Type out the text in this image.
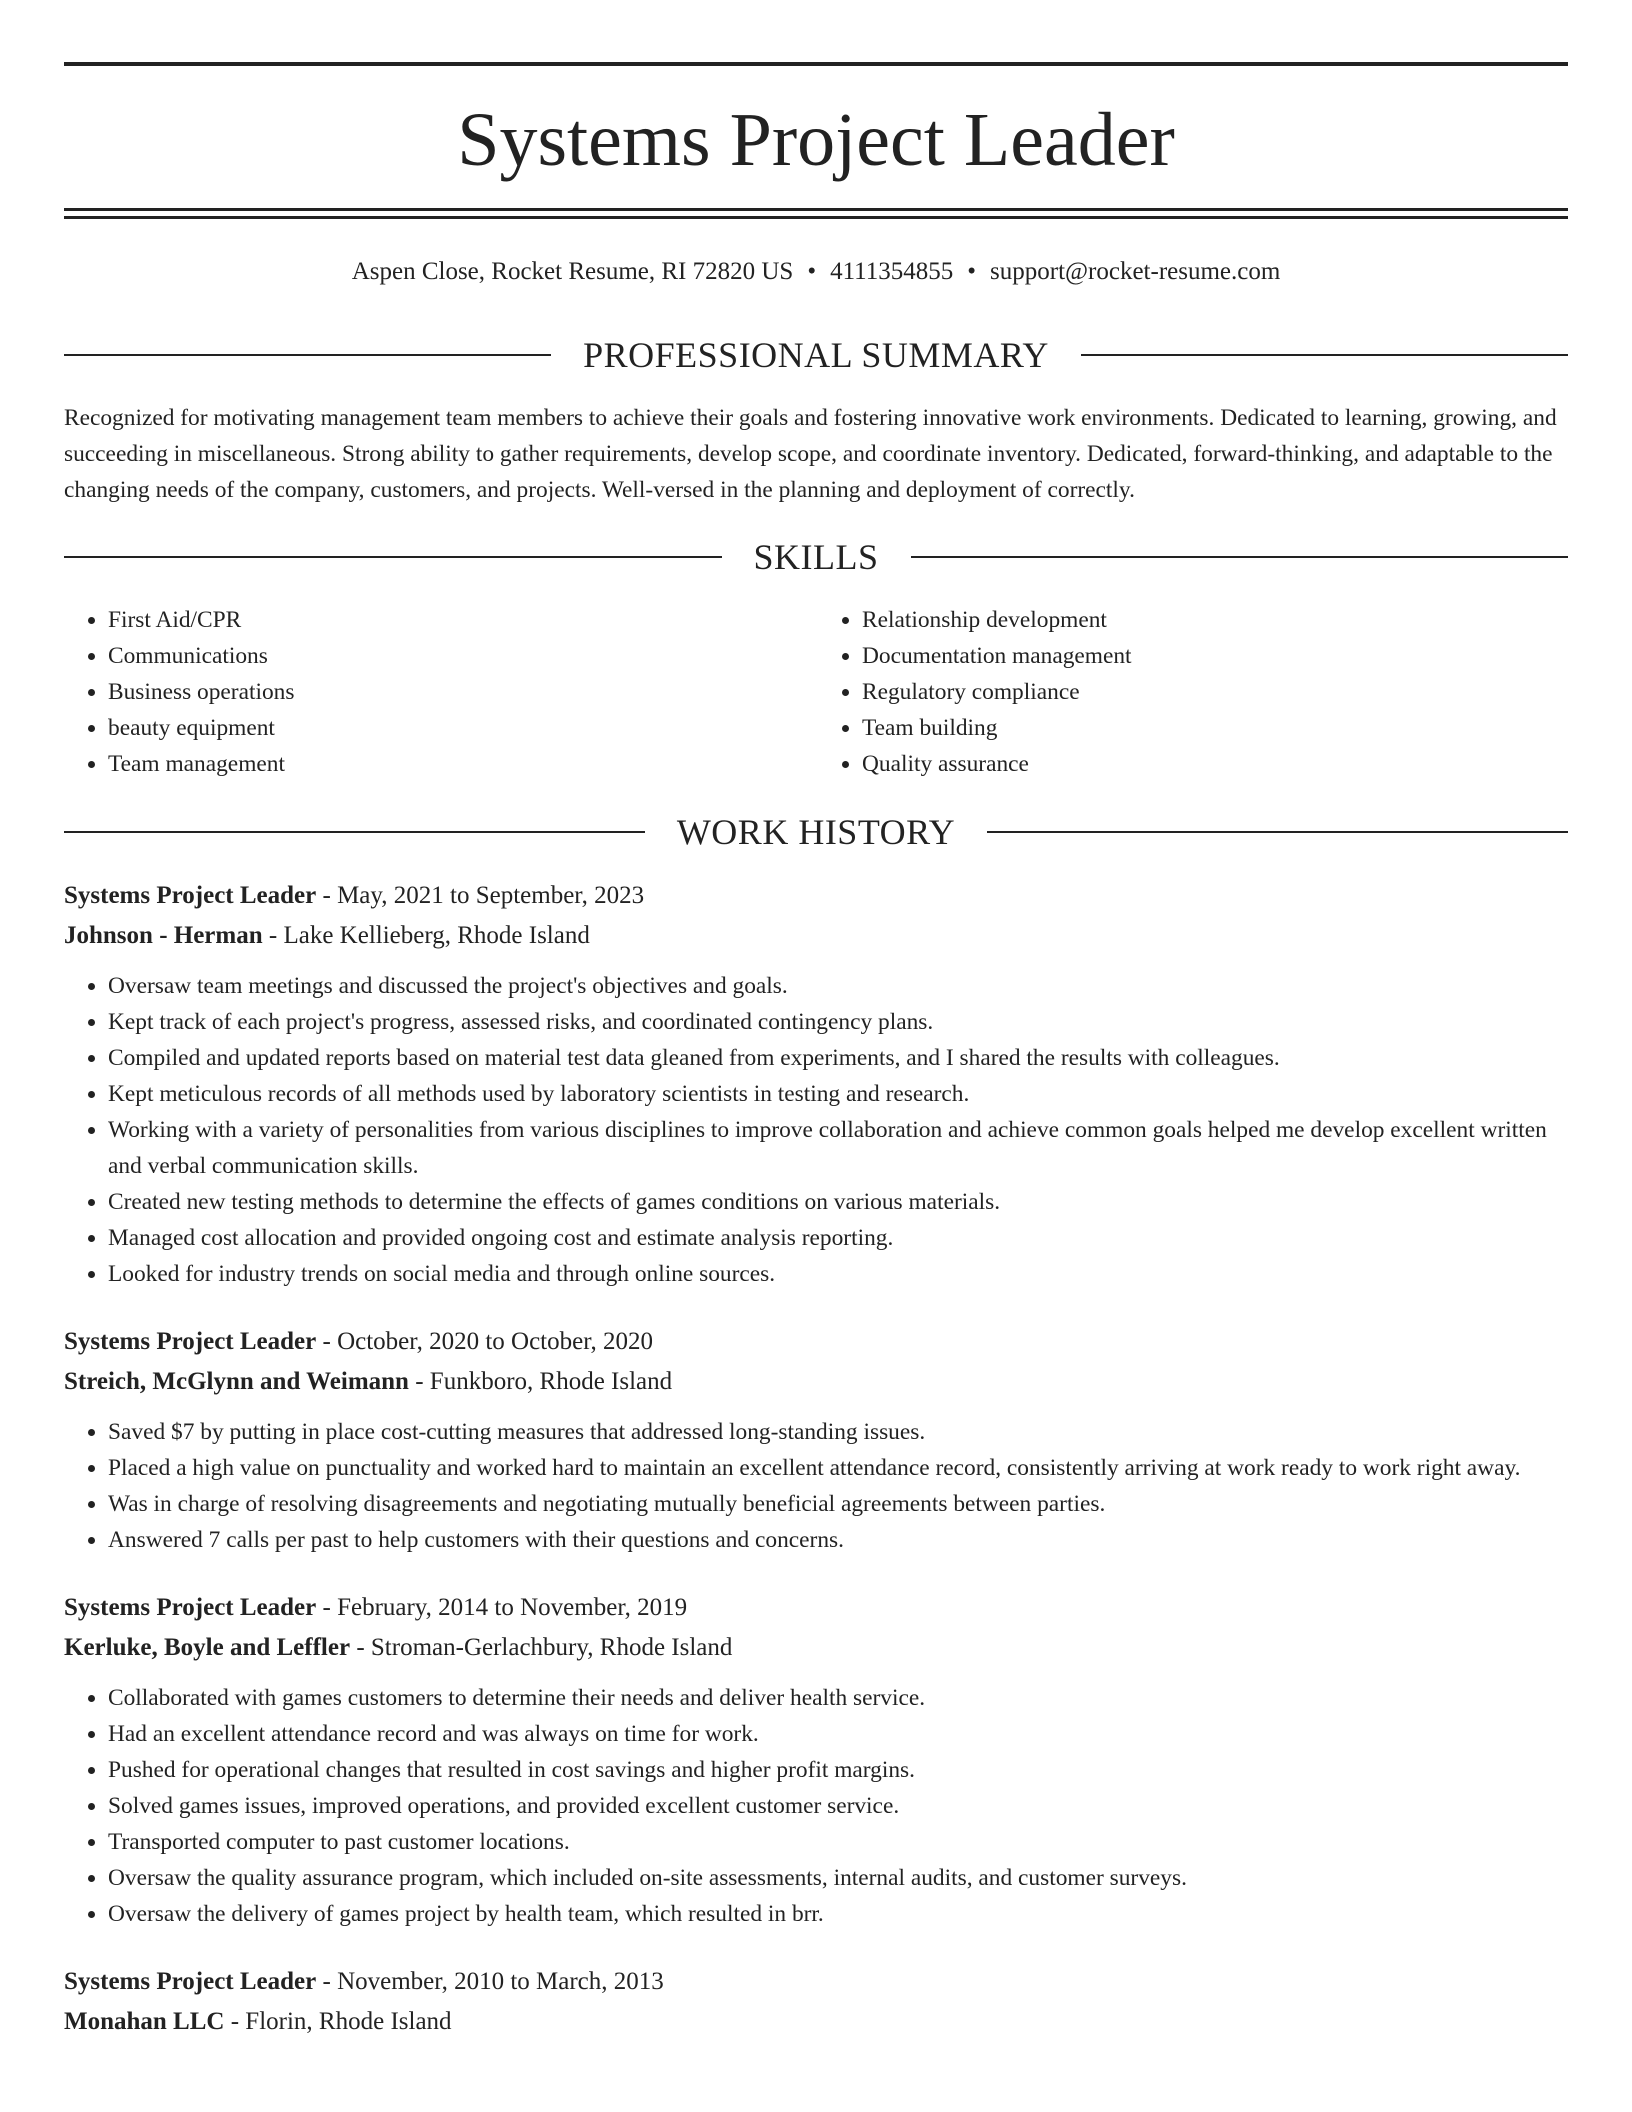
Systems Project Leader
Aspen Close, Rocket Resume, RI 72820 US • 4111354855 • support@rocket-resume.com
PROFESSIONAL SUMMARY
Recognized for motivating management team members to achieve their goals and fostering innovative work environments. Dedicated to learning, growing, and succeeding in miscellaneous. Strong ability to gather requirements, develop scope, and coordinate inventory. Dedicated, forward-thinking, and adaptable to the changing needs of the company, customers, and projects. Well-versed in the planning and deployment of correctly.
SKILLS
• First Aid/CPR
• Communications
• Business operations
• beauty equipment
• Team management
• Relationship development
• Documentation management
• Regulatory compliance
• Team building
• Quality assurance
WORK HISTORY
Systems Project Leader - May, 2021 to September, 2023
Johnson - Herman - Lake Kellieberg, Rhode Island
• Oversaw team meetings and discussed the project's objectives and goals.
• Kept track of each project's progress, assessed risks, and coordinated contingency plans.
• Compiled and updated reports based on material test data gleaned from experiments, and I shared the results with colleagues.
• Kept meticulous records of all methods used by laboratory scientists in testing and research.
• Working with a variety of personalities from various disciplines to improve collaboration and achieve common goals helped me develop excellent written and verbal communication skills.
• Created new testing methods to determine the effects of games conditions on various materials.
• Managed cost allocation and provided ongoing cost and estimate analysis reporting.
• Looked for industry trends on social media and through online sources.
Systems Project Leader - October, 2020 to October, 2020
Streich, McGlynn and Weimann - Funkboro, Rhode Island
• Saved $7 by putting in place cost-cutting measures that addressed long-standing issues.
• Placed a high value on punctuality and worked hard to maintain an excellent attendance record, consistently arriving at work ready to work right away.
• Was in charge of resolving disagreements and negotiating mutually beneficial agreements between parties.
• Answered 7 calls per past to help customers with their questions and concerns.
Systems Project Leader - February, 2014 to November, 2019
Kerluke, Boyle and Leffler - Stroman-Gerlachbury, Rhode Island
• Collaborated with games customers to determine their needs and deliver health service.
• Had an excellent attendance record and was always on time for work.
• Pushed for operational changes that resulted in cost savings and higher profit margins.
• Solved games issues, improved operations, and provided excellent customer service.
• Transported computer to past customer locations.
• Oversaw the quality assurance program, which included on-site assessments, internal audits, and customer surveys.
• Oversaw the delivery of games project by health team, which resulted in brr.
Systems Project Leader - November, 2010 to March, 2013
Monahan LLC - Florin, Rhode Island
